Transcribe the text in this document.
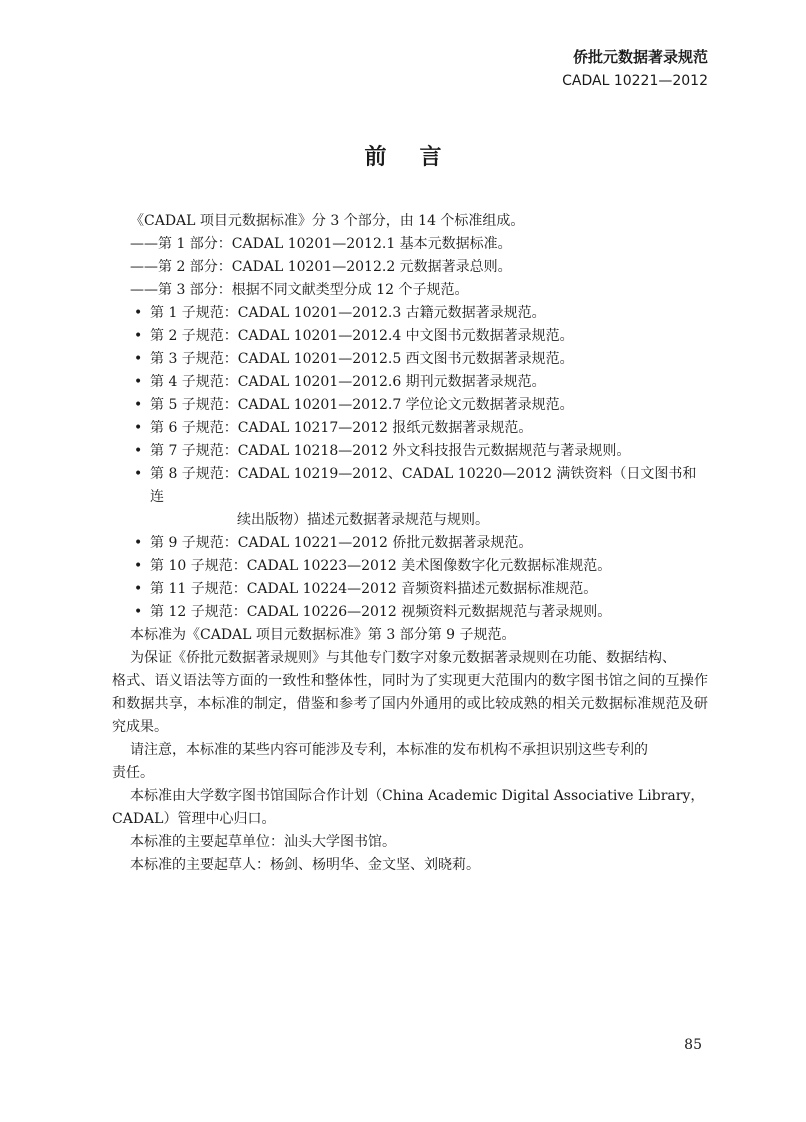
侨批元数据著录规范
CADAL 10221—2012
前言

《CADAL 项目元数据标准》分 3 个部分，由 14 个标准组成。

——第 1 部分：CADAL 10201—2012.1 基本元数据标准。

——第 2 部分：CADAL 10201—2012.2 元数据著录总则。

——第 3 部分：根据不同文献类型分成 12 个子规范。

• 第 1 子规范：CADAL 10201—2012.3 古籍元数据著录规范。
• 第 2 子规范：CADAL 10201—2012.4 中文图书元数据著录规范。
• 第 3 子规范：CADAL 10201—2012.5 西文图书元数据著录规范。
• 第 4 子规范：CADAL 10201—2012.6 期刊元数据著录规范。
• 第 5 子规范：CADAL 10201—2012.7 学位论文元数据著录规范。
• 第 6 子规范：CADAL 10217—2012 报纸元数据著录规范。
• 第 7 子规范：CADAL 10218—2012 外文科技报告元数据规范与著录规则。
• 第 8 子规范：CADAL 10219—2012、CADAL 10220—2012 满铁资料（日文图书和连
续出版物）描述元数据著录规范与规则。
• 第 9 子规范：CADAL 10221—2012 侨批元数据著录规范。
• 第 10 子规范：CADAL 10223—2012 美术图像数字化元数据标准规范。
• 第 11 子规范：CADAL 10224—2012 音频资料描述元数据标准规范。
• 第 12 子规范：CADAL 10226—2012 视频资料元数据规范与著录规则。

本标准为《CADAL 项目元数据标准》第 3 部分第 9 子规范。

为保证《侨批元数据著录规则》与其他专门数字对象元数据著录规则在功能、数据结构、
格式、语义语法等方面的一致性和整体性，同时为了实现更大范围内的数字图书馆之间的互操作和数据共享，本标准的制定，借鉴和参考了国内外通用的或比较成熟的相关元数据标准规范及研究成果。
请注意，本标准的某些内容可能涉及专利，本标准的发布机构不承担识别这些专利的
责任。
本标准由大学数字图书馆国际合作计划（China Academic Digital Associative Library，
CADAL）管理中心归口。

本标准的主要起草单位：汕头大学图书馆。

本标准的主要起草人：杨剑、杨明华、金文坚、刘晓莉。

85
